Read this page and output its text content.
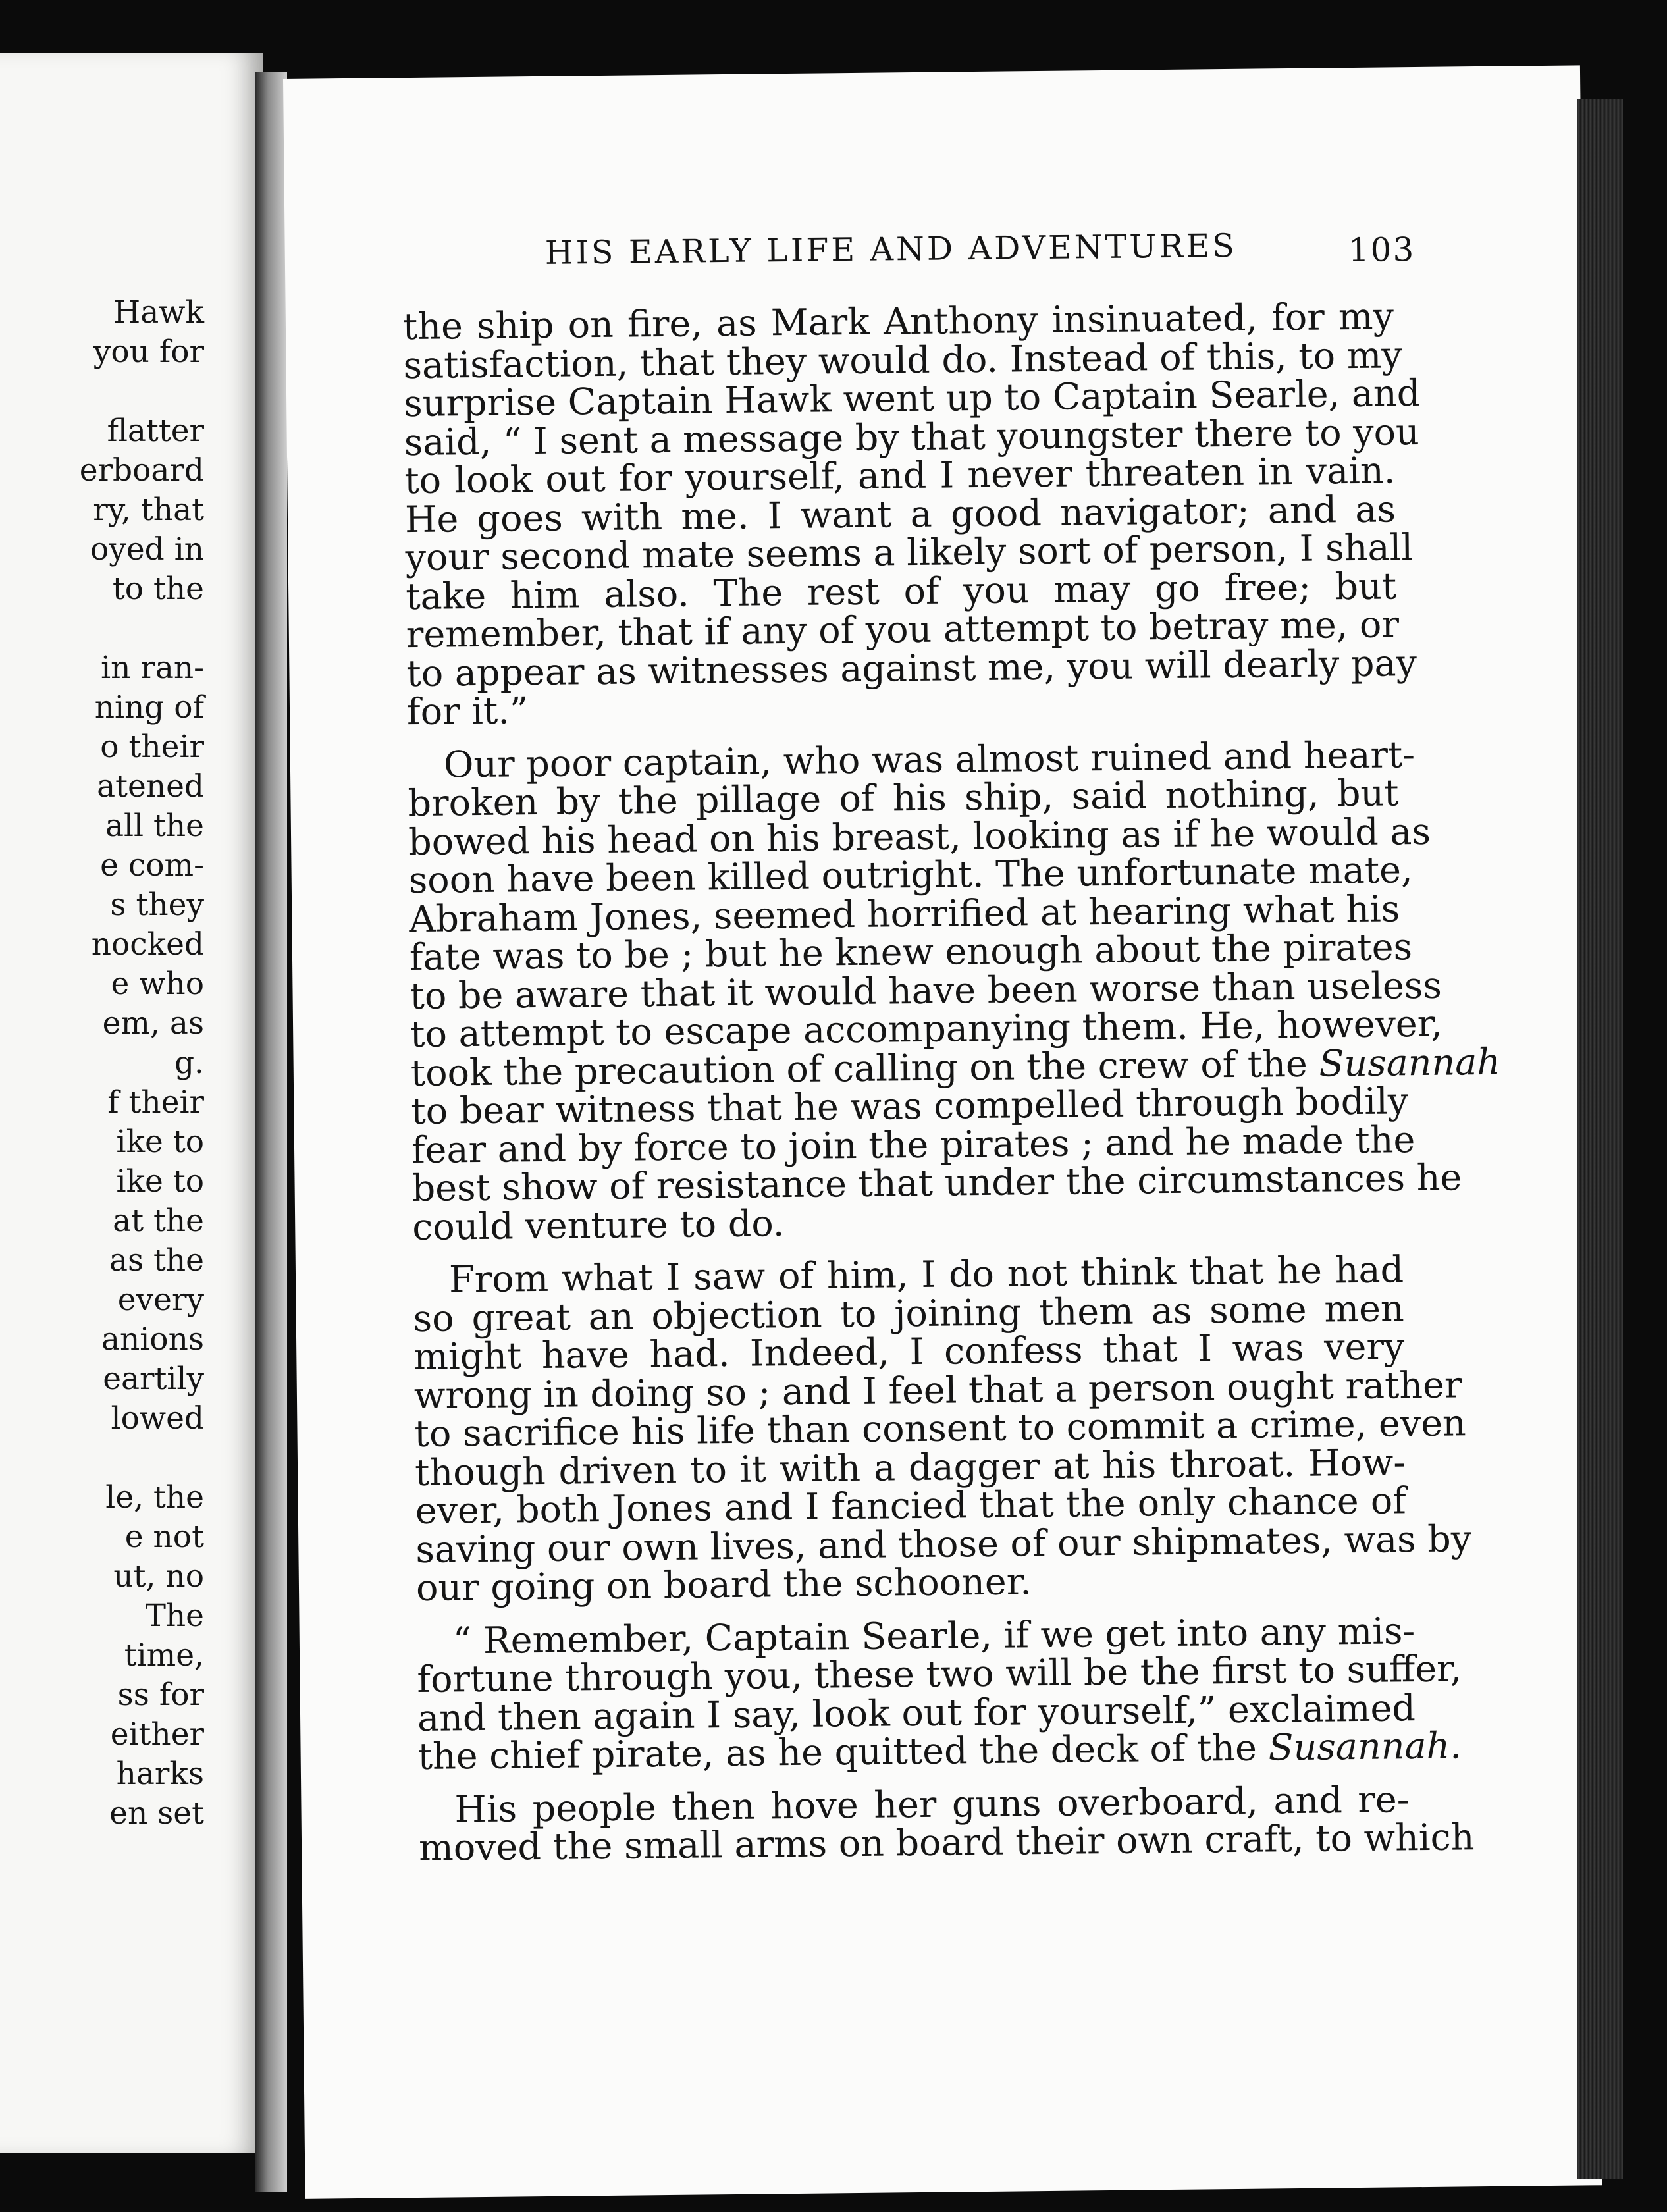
Hawk
you for
flatter
erboard
ry, that
oyed in
to the
in ran-
ning of
o their
atened
all the
e com-
s they
nocked
e who
em, as
g.
f their
ike to
ike to
at the
as the
every
anions
eartily
lowed
le, the
e not
ut, no
The
time,
ss for
either
harks
en set
HIS EARLY LIFE AND ADVENTURES	103
the ship on fire, as Mark Anthony insinuated, for my
satisfaction, that they would do. Instead of this, to my
surprise Captain Hawk went up to Captain Searle, and
said, “ I sent a message by that youngster there to you
to look out for yourself, and I never threaten in vain.
He goes with me. I want a good navigator; and as
your second mate seems a likely sort of person, I shall
take him also. The rest of you may go free; but
remember, that if any of you attempt to betray me, or
to appear as witnesses against me, you will dearly pay
for it.”
Our poor captain, who was almost ruined and heart-
broken by the pillage of his ship, said nothing, but
bowed his head on his breast, looking as if he would as
soon have been killed outright. The unfortunate mate,
Abraham Jones, seemed horrified at hearing what his
fate was to be ; but he knew enough about the pirates
to be aware that it would have been worse than useless
to attempt to escape accompanying them. He, however,
took the precaution of calling on the crew of the Susannah
to bear witness that he was compelled through bodily
fear and by force to join the pirates ; and he made the
best show of resistance that under the circumstances he
could venture to do.
From what I saw of him, I do not think that he had
so great an objection to joining them as some men
might have had. Indeed, I confess that I was very
wrong in doing so ; and I feel that a person ought rather
to sacrifice his life than consent to commit a crime, even
though driven to it with a dagger at his throat. How-
ever, both Jones and I fancied that the only chance of
saving our own lives, and those of our shipmates, was by
our going on board the schooner.
“ Remember, Captain Searle, if we get into any mis-
fortune through you, these two will be the first to suffer,
and then again I say, look out for yourself,” exclaimed
the chief pirate, as he quitted the deck of the Susannah.
His people then hove her guns overboard, and re-
moved the small arms on board their own craft, to which
